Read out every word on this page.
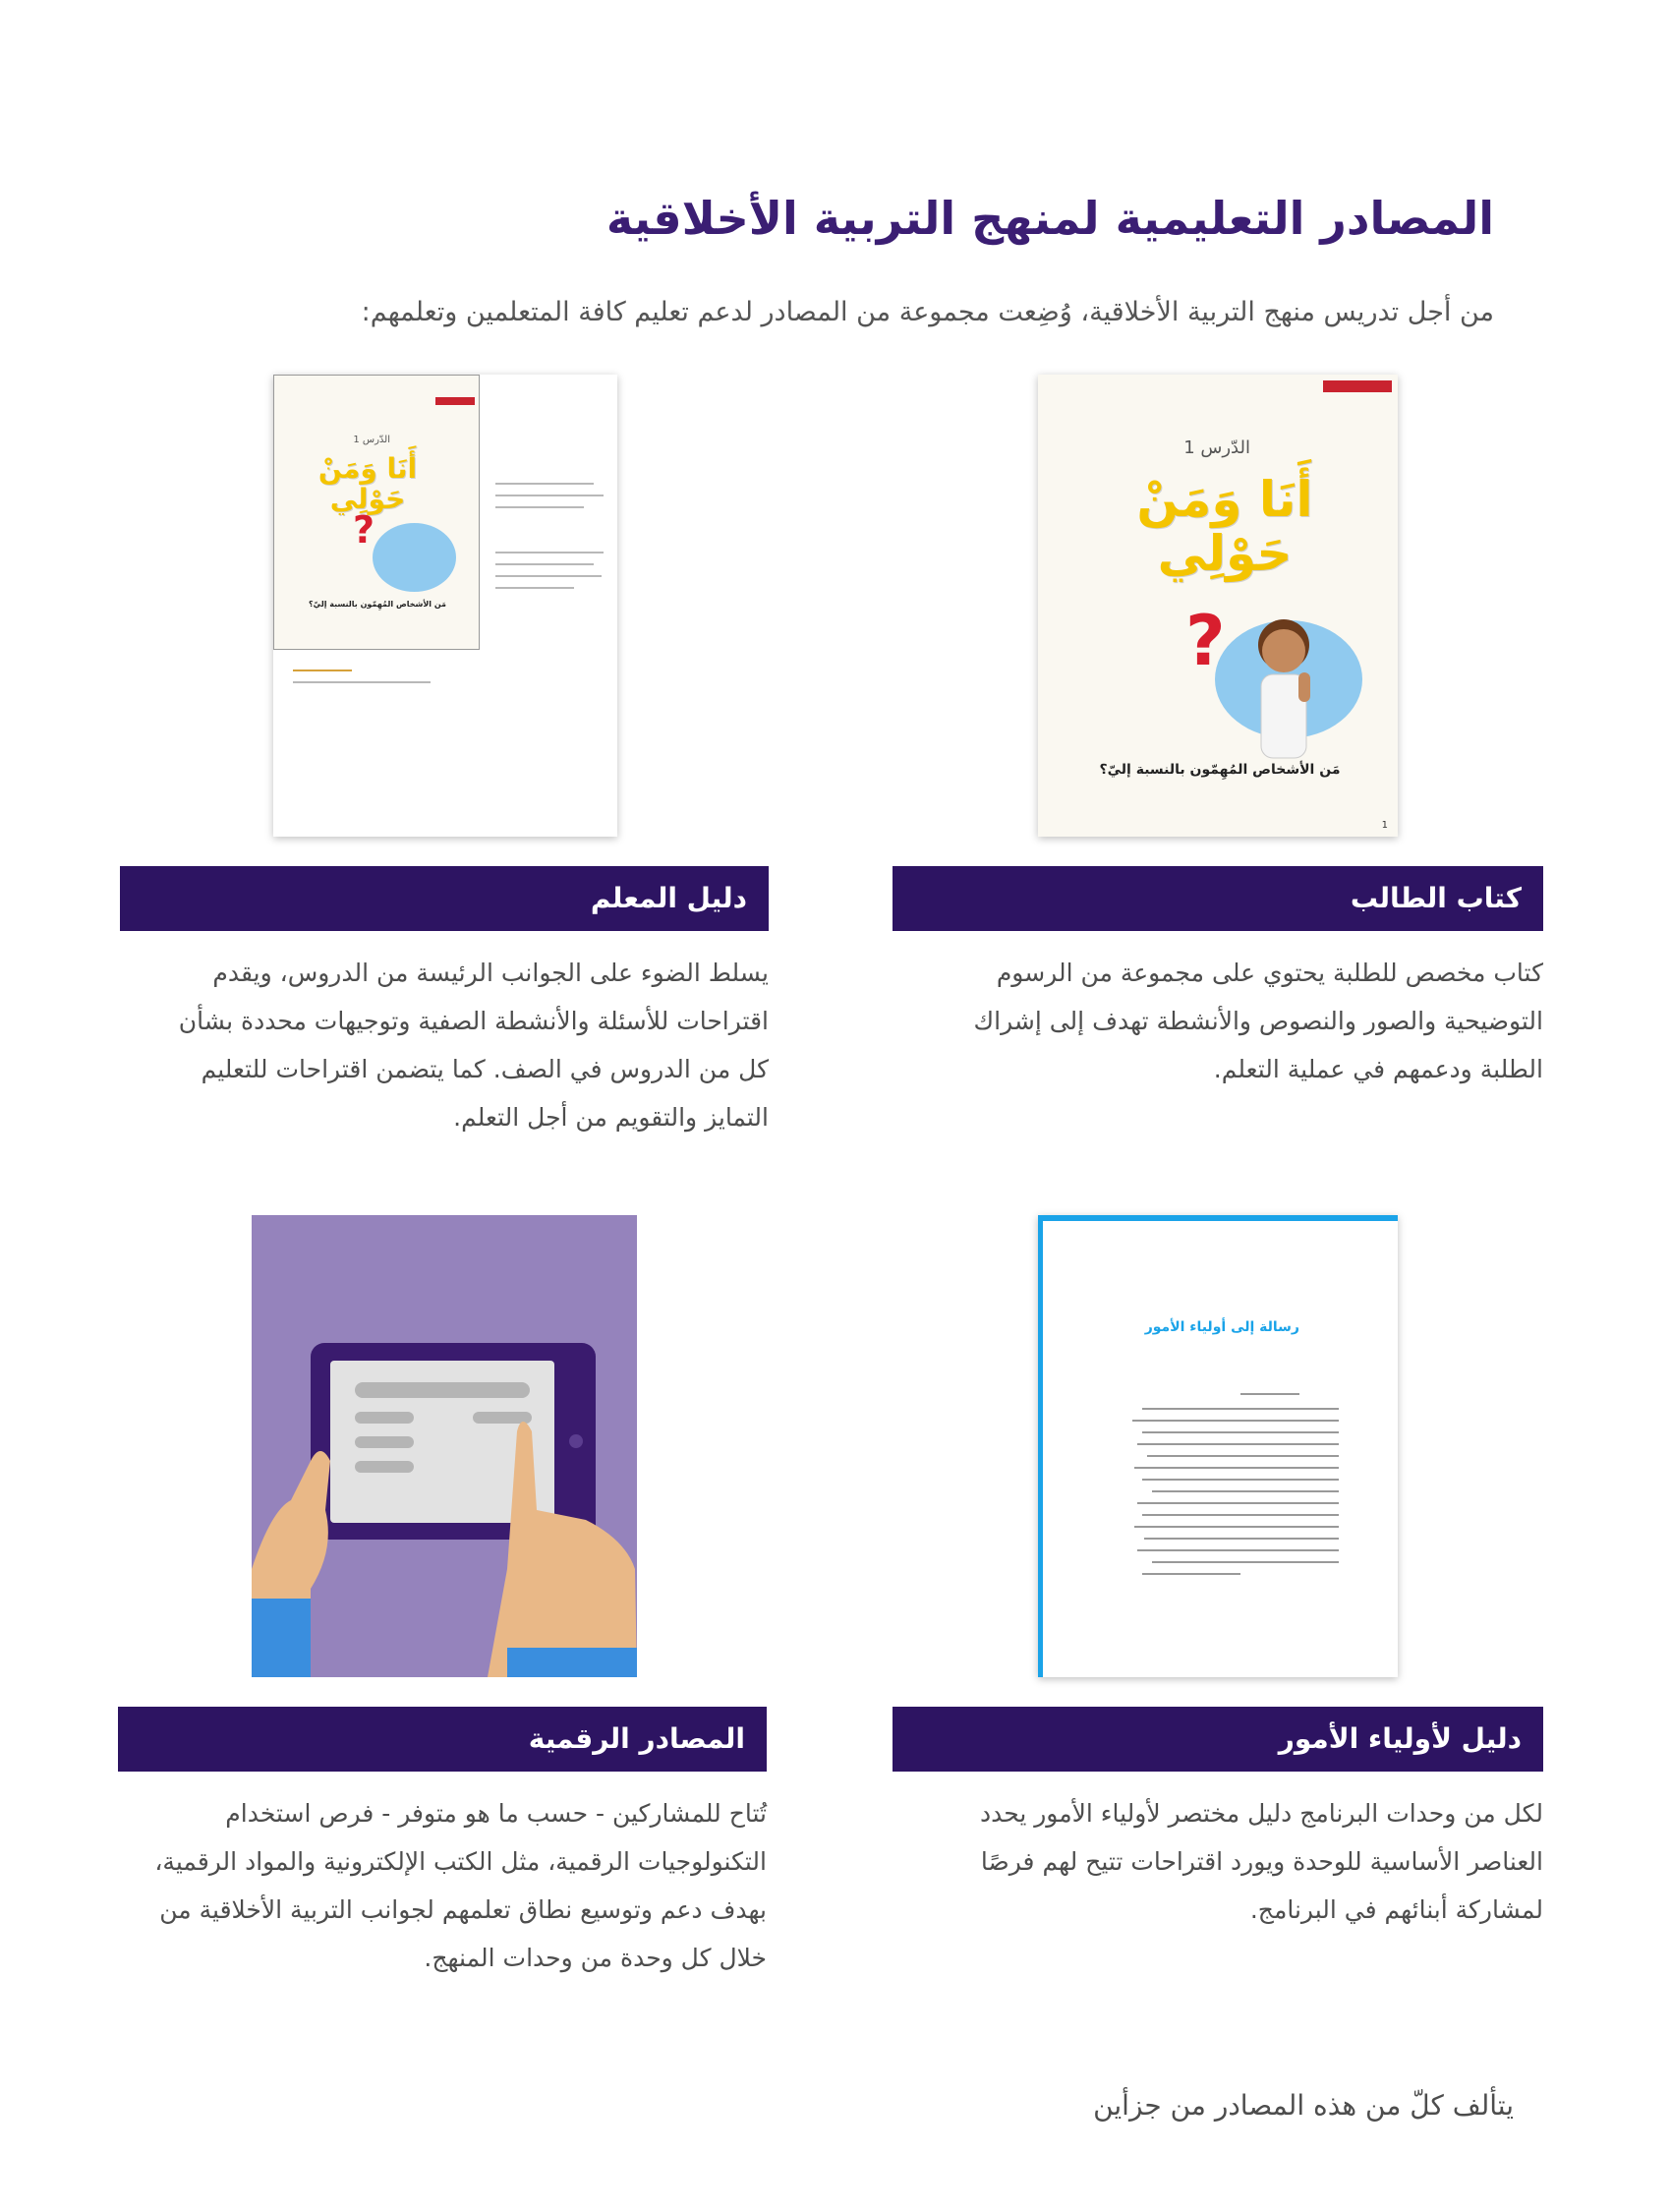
المصادر التعليمية لمنهج التربية الأخلاقية
من أجل تدريس منهج التربية الأخلاقية، وُضِعت مجموعة من المصادر لدعم تعليم كافة المتعلمين وتعلمهم:
الدّرس 1
أَنَا وَمَنْ
حَوْلِي
?
مَن الأشخاص المُهِمّون بالنسبة إليّ؟
1
الدّرس 1
أَنَا وَمَنْ
حَوْلِي
?
مَن الأشخاص المُهِمّون بالنسبة إليّ؟
كتاب الطالب
كتاب مخصص للطلبة يحتوي على مجموعة من الرسوم التوضيحية والصور والنصوص والأنشطة تهدف إلى إشراك الطلبة ودعمهم في عملية التعلم.
دليل المعلم
يسلط الضوء على الجوانب الرئيسة من الدروس، ويقدم اقتراحات للأسئلة والأنشطة الصفية وتوجيهات محددة بشأن كل من الدروس في الصف. كما يتضمن اقتراحات للتعليم التمايز والتقويم من أجل التعلم.
رسالة إلى أولياء الأمور
دليل لأولياء الأمور
لكل من وحدات البرنامج دليل مختصر لأولياء الأمور يحدد العناصر الأساسية للوحدة ويورد اقتراحات تتيح لهم فرصًا لمشاركة أبنائهم في البرنامج.
المصادر الرقمية
تُتاح للمشاركين - حسب ما هو متوفر - فرص استخدام التكنولوجيات الرقمية، مثل الكتب الإلكترونية والمواد الرقمية، بهدف دعم وتوسيع نطاق تعلمهم لجوانب التربية الأخلاقية من خلال كل وحدة من وحدات المنهج.
يتألف كلّ من هذه المصادر من جزأين
